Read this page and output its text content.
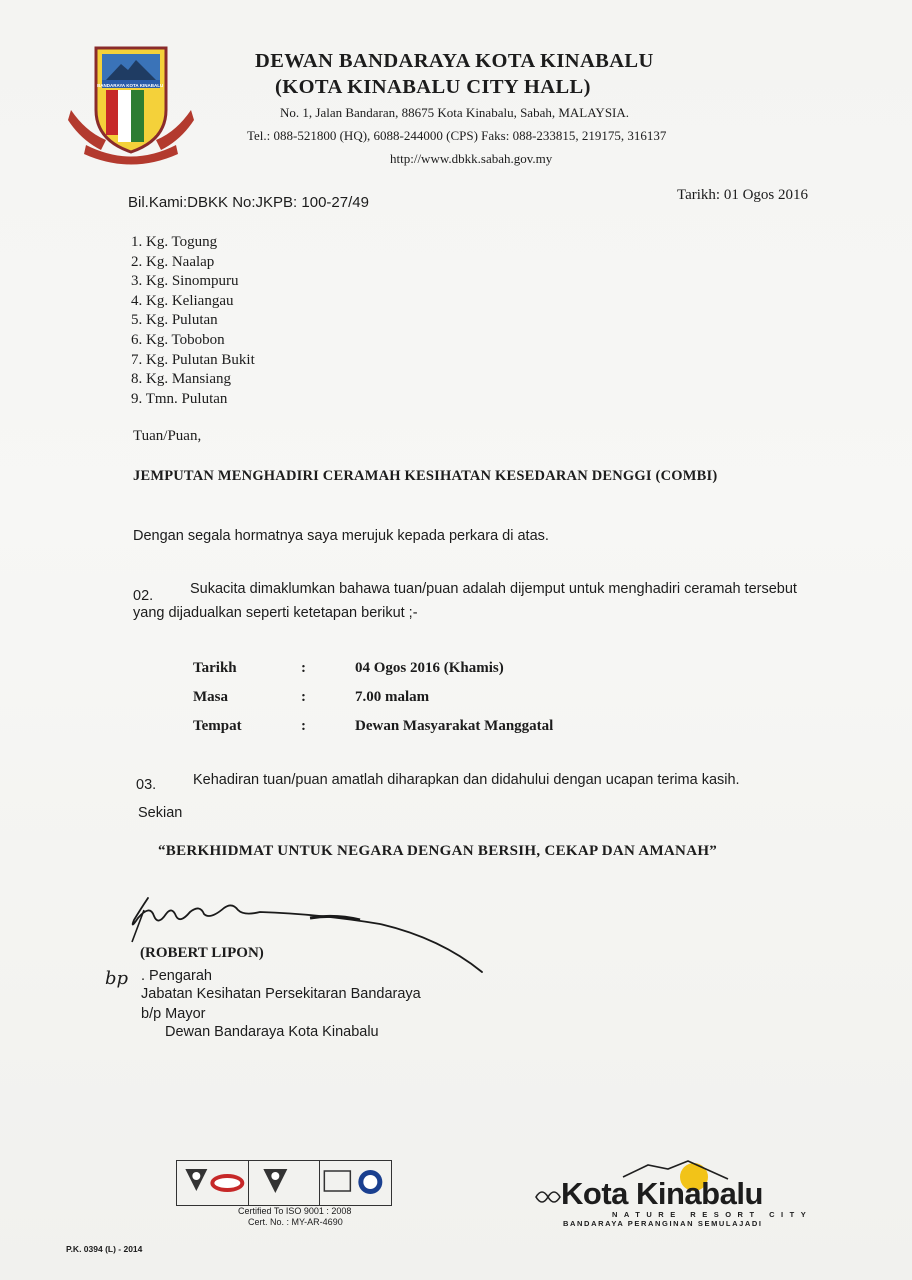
BANDARAYA KOTA KINABALU
DEWAN BANDARAYA KOTA KINABALU
(KOTA KINABALU CITY HALL)
No. 1, Jalan Bandaran, 88675 Kota Kinabalu, Sabah, MALAYSIA.
Tel.: 088-521800 (HQ), 6088-244000 (CPS) Faks: 088-233815, 219175, 316137
http://www.dbkk.sabah.gov.my
Bil.Kami:DBKK No:JKPB: 100-27/49	Tarikh: 01 Ogos 2016
1. Kg. Togung
2. Kg. Naalap
3. Kg. Sinompuru
4. Kg. Keliangau
5. Kg. Pulutan
6. Kg. Tobobon
7. Kg. Pulutan Bukit
8. Kg. Mansiang
9. Tmn. Pulutan
Tuan/Puan,
JEMPUTAN MENGHADIRI CERAMAH KESIHATAN KESEDARAN DENGGI (COMBI)
Dengan segala hormatnya saya merujuk kepada perkara di atas.
02.	Sukacita dimaklumkan bahawa tuan/puan adalah dijemput untuk menghadiri ceramah tersebut
yang dijadualkan seperti ketetapan berikut ;-
Tarikh	:	04 Ogos 2016 (Khamis)
Masa	:	7.00 malam
Tempat	:	Dewan Masyarakat Manggatal
03.	Kehadiran tuan/puan amatlah diharapkan dan didahului dengan ucapan terima kasih.
Sekian
“BERKHIDMAT UNTUK NEGARA DENGAN BERSIH, CEKAP DAN AMANAH”
(ROBERT LIPON)
bp . Pengarah
Jabatan Kesihatan Persekitaran Bandaraya
b/p Mayor
Dewan Bandaraya Kota Kinabalu
Certified To ISO 9001 : 2008
Cert. No. : MY-AR-4690
P.K. 0394 (L) - 2014
Kota Kinabalu
NATURE RESORT CITY
BANDARAYA PERANGINAN SEMULAJADI
